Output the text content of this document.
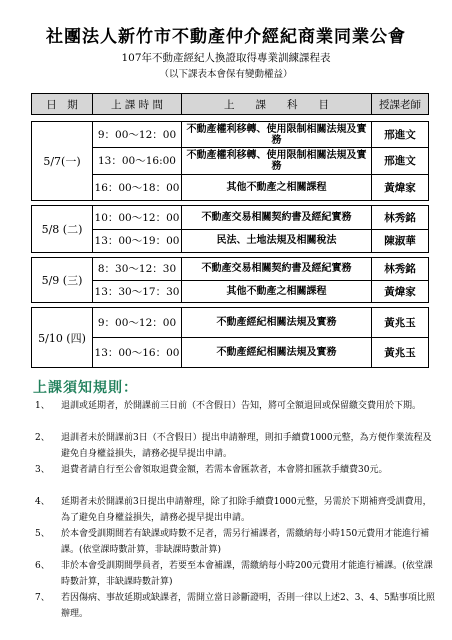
社團法人新竹市不動產仲介經紀商業同業公會
107年不動產經紀人換證取得專業訓練課程表
（以下課表本會保有變動權益）
日　期	上 課 時 間	上　　課　　科　　目	授課老師
5/7(一)
9：00～12：00	不動產權利移轉、使用限制相關法規及實務	邢進文
13：00～16:00	不動產權利移轉、使用限制相關法規及實務	邢進文
16：00～18：00	其他不動產之相關課程	黃煒家
5/8 (二)
10：00～12：00	不動產交易相關契約書及經紀實務	林秀銘
13：00～19：00	民法、土地法規及相關稅法	陳淑華
5/9 (三)
8：30～12：30	不動產交易相關契約書及經紀實務	林秀銘
13：30～17：30	其他不動產之相關課程	黃煒家
5/10 (四)
9：00～12：00	不動產經紀相關法規及實務	黃兆玉
13：00～16：00	不動產經紀相關法規及實務	黃兆玉
上課須知規則：
1、	退訓或延期者，於開課前三日前（不含假日）告知，將可全額退回或保留繳交費用於下期。
2、	退訓者未於開課前3日（不含假日）提出申請辦理，則扣手續費1000元整，為方便作業流程及避免自身權益損失，請務必提早提出申請。
3、	退費者請自行至公會領取退費金額，若需本會匯款者，本會將扣匯款手續費30元。
4、	延期者未於開課前3日提出申請辦理，除了扣除手續費1000元整，另需於下期補齊受訓費用，為了避免自身權益損失，請務必提早提出申請。
5、	於本會受訓期間若有缺課或時數不足者，需另行補課者，需繳納每小時150元費用才能進行補課。(依堂課時數計算，非缺課時數計算)
6、	非於本會受訓期間學員者，若要至本會補課，需繳納每小時200元費用才能進行補課。(依堂課時數計算，非缺課時數計算)
7、	若因傷病、事故延期或缺課者，需開立當日診斷證明，否則一律以上述2、3、4、5點事項比照辦理。
